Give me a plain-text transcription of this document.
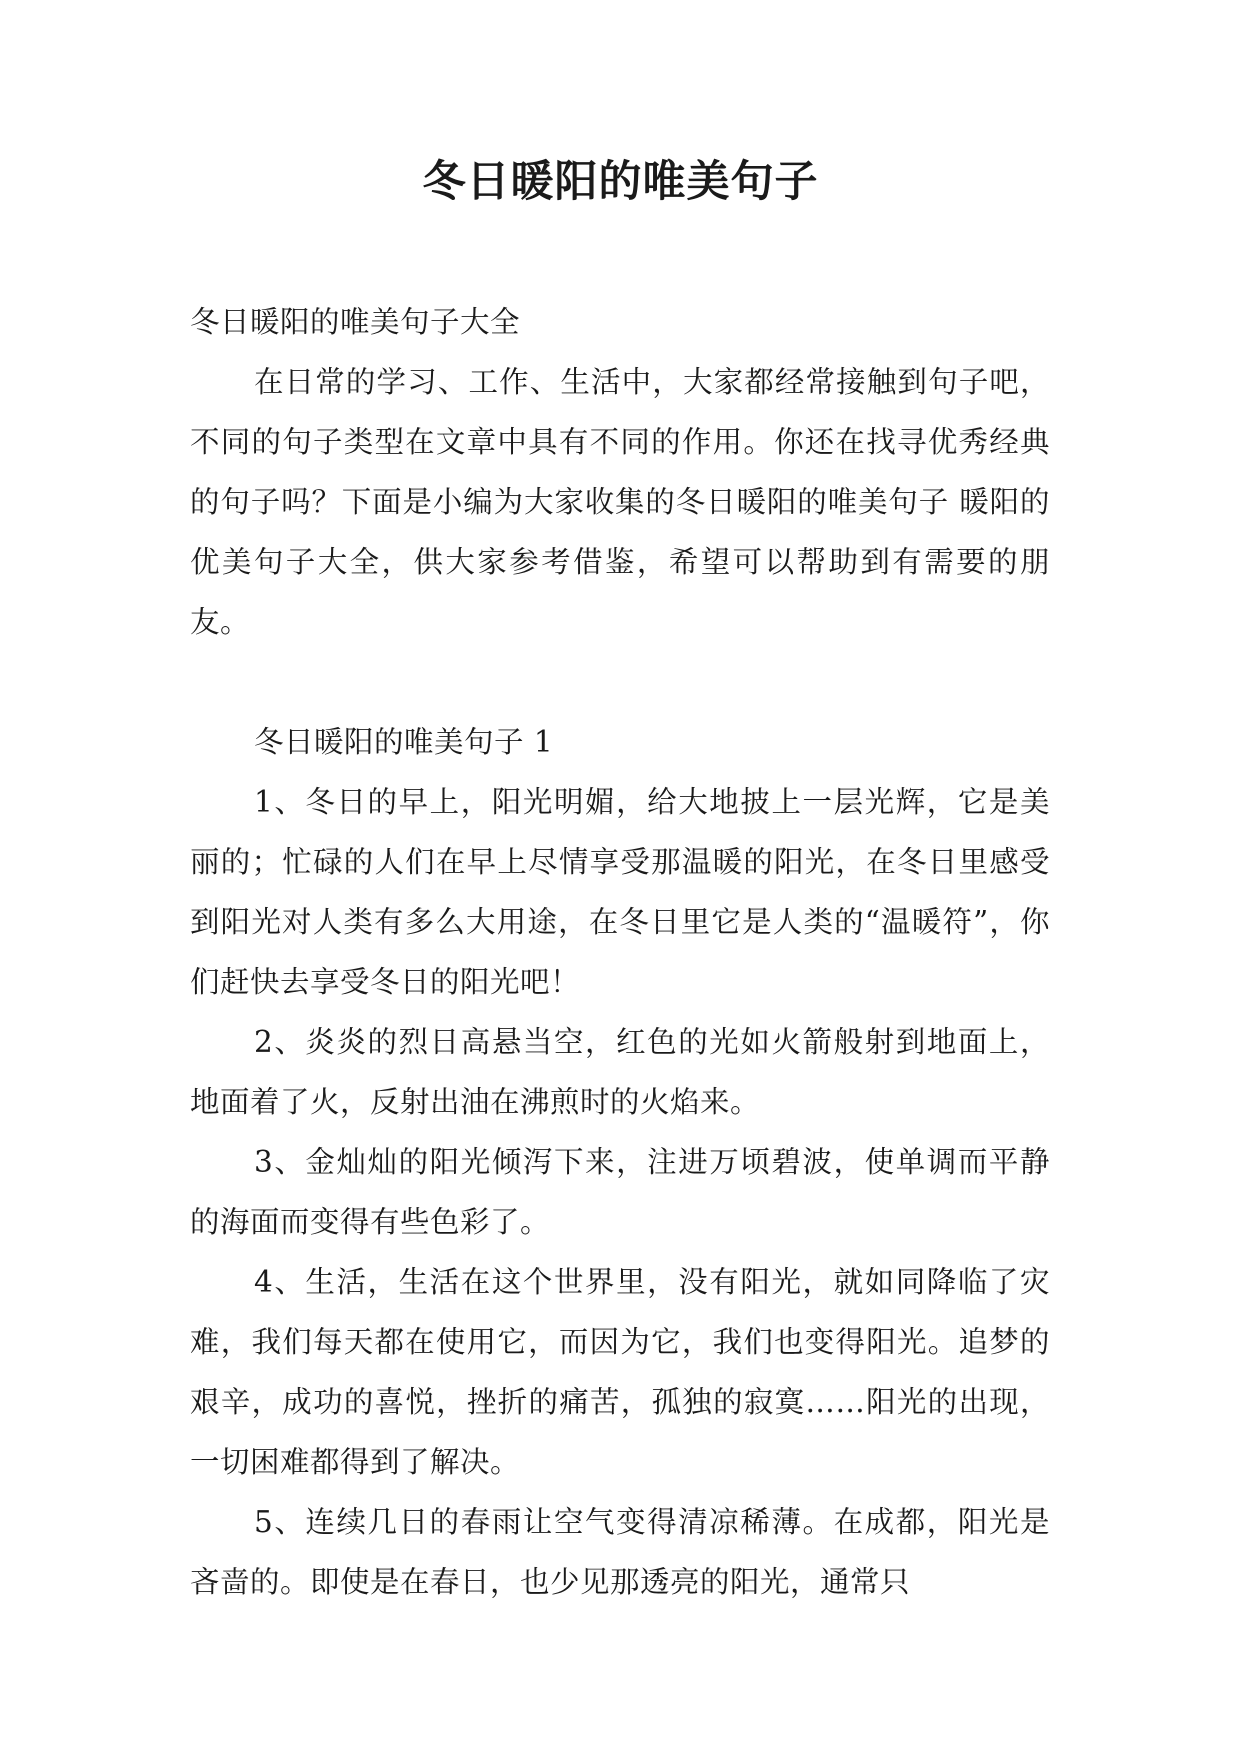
冬日暖阳的唯美句子

冬日暖阳的唯美句子大全

在日常的学习、工作、生活中，大家都经常接触到句子吧，不同的句子类型在文章中具有不同的作用。你还在找寻优秀经典的句子吗？下面是小编为大家收集的冬日暖阳的唯美句子 暖阳的优美句子大全，供大家参考借鉴，希望可以帮助到有需要的朋友。

冬日暖阳的唯美句子 1

1、冬日的早上，阳光明媚，给大地披上一层光辉，它是美丽的；忙碌的人们在早上尽情享受那温暖的阳光，在冬日里感受到阳光对人类有多么大用途，在冬日里它是人类的“温暖符”，你们赶快去享受冬日的阳光吧！

2、炎炎的烈日高悬当空，红色的光如火箭般射到地面上，地面着了火，反射出油在沸煎时的火焰来。

3、金灿灿的阳光倾泻下来，注进万顷碧波，使单调而平静的海面而变得有些色彩了。

4、生活，生活在这个世界里，没有阳光，就如同降临了灾难，我们每天都在使用它，而因为它，我们也变得阳光。追梦的艰辛，成功的喜悦，挫折的痛苦，孤独的寂寞……阳光的出现，一切困难都得到了解决。

5、连续几日的春雨让空气变得清凉稀薄。在成都，阳光是吝啬的。即使是在春日，也少见那透亮的阳光，通常只
